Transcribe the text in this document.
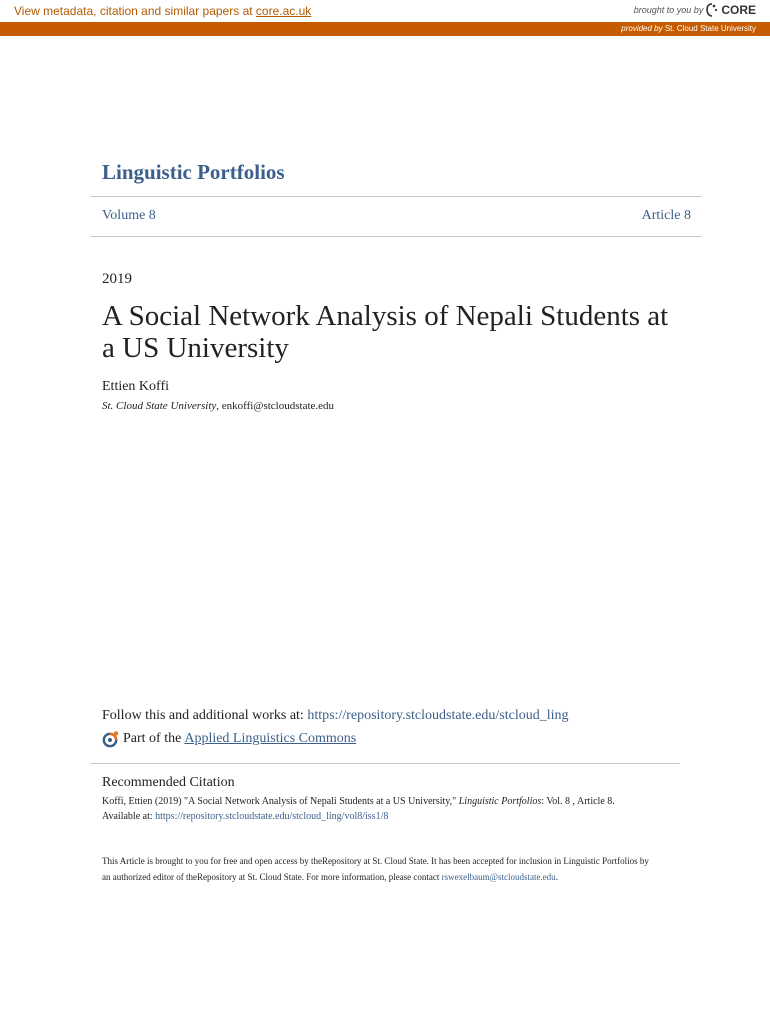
View metadata, citation and similar papers at core.ac.uk	brought to you by CORE
provided by St. Cloud State University
Linguistic Portfolios
Volume 8	Article 8
2019
A Social Network Analysis of Nepali Students at a US University
Ettien Koffi
St. Cloud State University, enkoffi@stcloudstate.edu
Follow this and additional works at: https://repository.stcloudstate.edu/stcloud_ling
Part of the Applied Linguistics Commons
Recommended Citation
Koffi, Ettien (2019) "A Social Network Analysis of Nepali Students at a US University," Linguistic Portfolios: Vol. 8 , Article 8.
Available at: https://repository.stcloudstate.edu/stcloud_ling/vol8/iss1/8
This Article is brought to you for free and open access by theRepository at St. Cloud State. It has been accepted for inclusion in Linguistic Portfolios by
an authorized editor of theRepository at St. Cloud State. For more information, please contact rswexelbaum@stcloudstate.edu.
